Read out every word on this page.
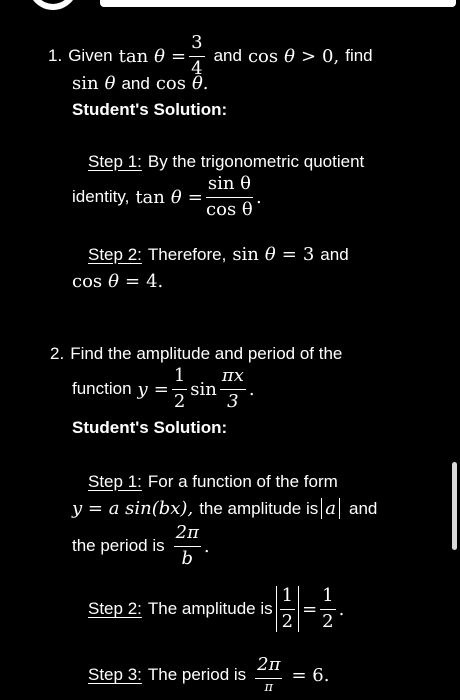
1. Given $\tan \theta = \frac{3}{4}$ and cos θ > 0, find
sin θ and cos θ.
Student's Solution:
Step 1: By the trigonometric quotient
identity, $\tan \theta = \frac{\text{sin θ}}{\text{cos θ}}$ .
Step 2: Therefore, sin θ = 3 and
cos θ = 4.
2. Find the amplitude and period of the
function $y = \frac{1}{2}$ $\sin \frac{\pi x}{3}$ .
Student's Solution:
Step 1: For a function of the form
y = a sin(bx), the amplitude is a and
the period is $\frac{2\pi}{b}$ .
Step 2: The amplitude is $\frac{1}{2} = \frac{1}{2}$ .
Step 3: The period is $\frac{2\pi}{\pi} = 6$.
